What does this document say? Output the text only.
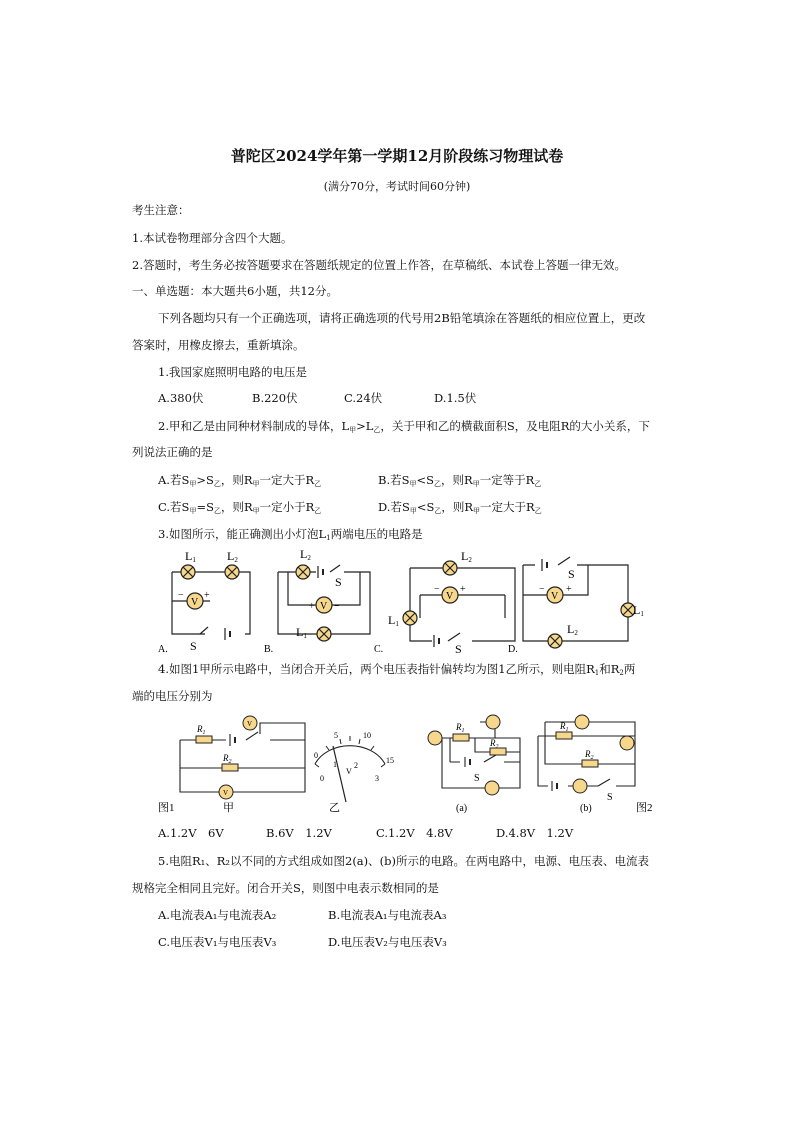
普陀区2024学年第一学期12月阶段练习物理试卷
(满分70分，考试时间60分钟)
考生注意：
1.本试卷物理部分含四个大题。
2.答题时，考生务必按答题要求在答题纸规定的位置上作答，在草稿纸、本试卷上答题一律无效。
一、单选题：本大题共6小题，共12分。
下列各题均只有一个正确选项，请将正确选项的代号用2B铅笔填涂在答题纸的相应位置上，更改
答案时，用橡皮擦去，重新填涂。
1.我国家庭照明电路的电压是
A.380伏	B.220伏	C.24伏	D.1.5伏
2.甲和乙是由同种材料制成的导体，$L_甲>L_乙$，关于甲和乙的横截面积S，及电阻R的大小关系，下
列说法正确的是
A.若$S_甲>S_乙$，则$R_甲$一定大于$R_乙$	B.若$S_甲<S_乙$，则$R_甲$一定等于$R_乙$
C.若$S_甲=S_乙$，则$R_甲$一定小于$R_乙$	D.若$S_甲<S_乙$，则$R_甲$一定大于$R_乙$
3.如图所示，能正确测出小灯泡$L_1$两端电压的电路是
L1	L2
V
− +
S
L2
S
V
+ −
L1
L2
V
− +
L1
S
S
V
− +
L1
L2
A.	B.	C.	D.
4.如图1甲所示电路中，当闭合开关后，两个电压表指针偏转均为图1乙所示，则电阻$R_1$和$R_2$两
端的电压分别为
$R_1$
$R_2$
V
V
图1	甲
0
5	10
15
0
1 2
3
V
乙
$R_1$
$R_2$
S
(a)
$R_1$
$R_2$
S
(b)	图2
A.1.2V　6V	B.6V　1.2V	C.1.2V　4.8V	D.4.8V　1.2V
5.电阻R₁、R₂以不同的方式组成如图2(a)、(b)所示的电路。在两电路中，电源、电压表、电流表
规格完全相同且完好。闭合开关S，则图中电表示数相同的是
A.电流表A₁与电流表A₂	B.电流表A₁与电流表A₃
C.电压表V₁与电压表V₃	D.电压表V₂与电压表V₃
